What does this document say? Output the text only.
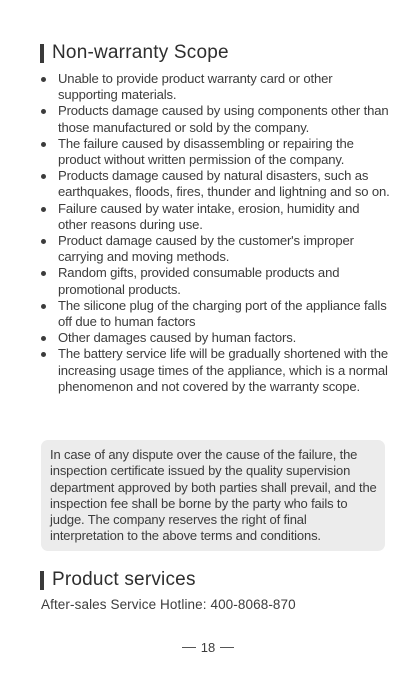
Non-warranty Scope
Unable to provide product warranty card or other supporting materials.
Products damage caused by using components other than those manufactured or sold by the company.
The failure caused by disassembling or repairing the product without written permission of the company.
Products damage caused by natural disasters, such as earthquakes, floods, fires, thunder and lightning and so on.
Failure caused by water intake, erosion, humidity and other reasons during use.
Product damage caused by the customer's improper carrying and moving methods.
Random gifts, provided consumable products and promotional products.
The silicone plug of the charging port of the appliance falls off due to human factors
Other damages caused by human factors.
The battery service life will be gradually shortened with the increasing usage times of the appliance, which is a normal phenomenon and not covered by the warranty scope.
In case of any dispute over the cause of the failure, the inspection certificate issued by the quality supervision department approved by both parties shall prevail, and the inspection fee shall be borne by the party who fails to judge. The company reserves the right of final interpretation to the above terms and conditions.
Product services
After-sales Service Hotline: 400-8068-870
18
